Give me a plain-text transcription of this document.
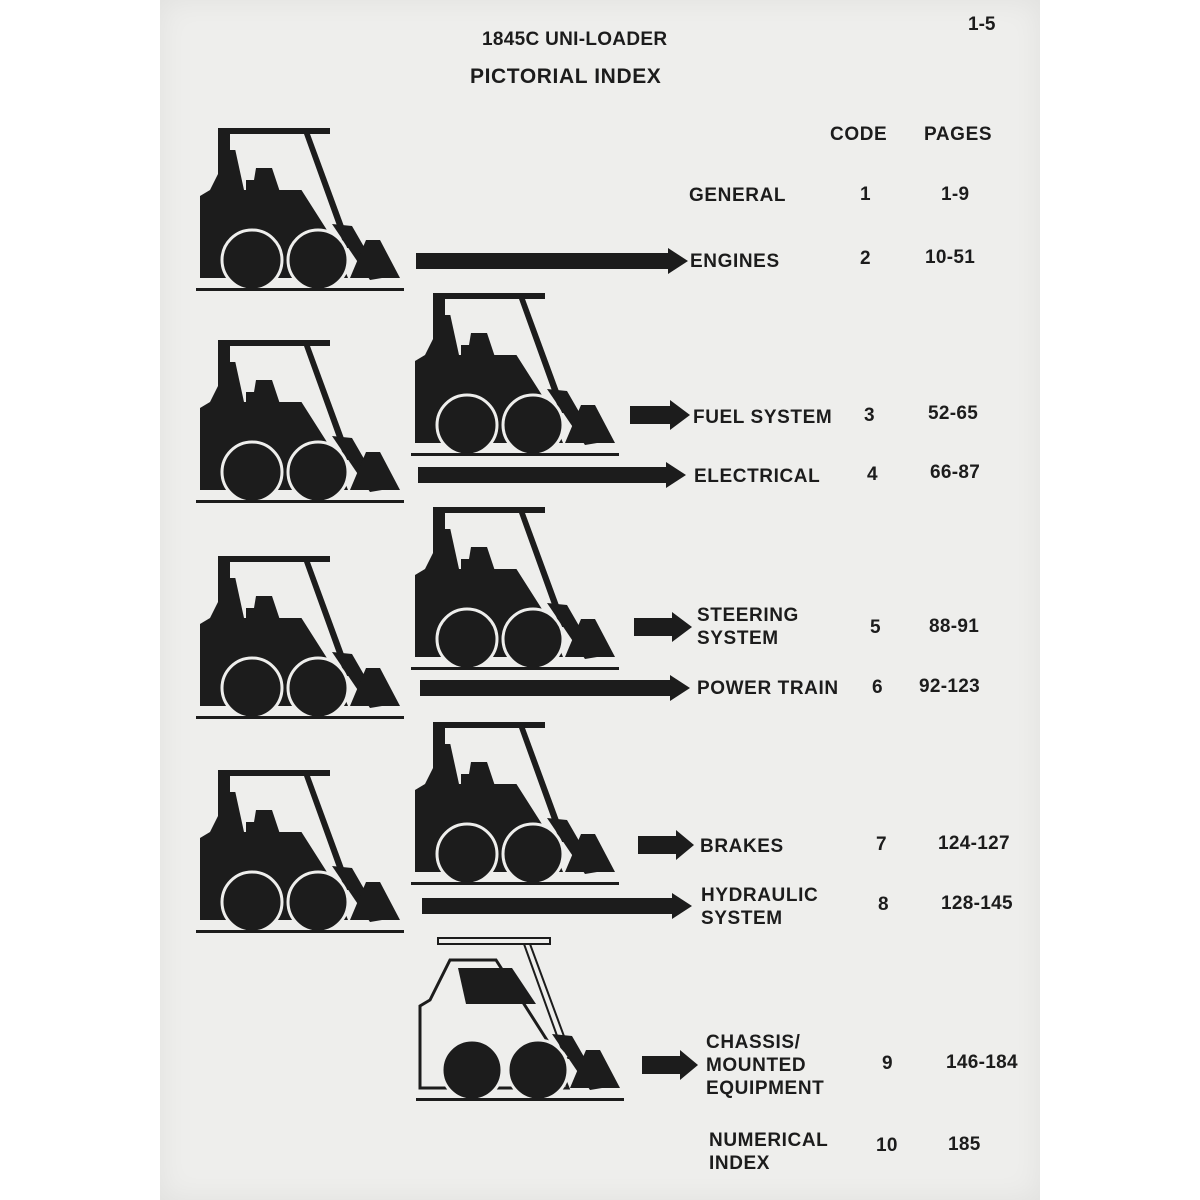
1-5
1845C UNI-LOADER
PICTORIAL INDEX
CODE PAGES
GENERAL	1	1-9
ENGINES	2	10-51
FUEL SYSTEM 3	52-65
ELECTRICAL 4	66-87
STEERING
SYSTEM
5	88-91
POWER TRAIN 6 92-123
BRAKES	7	124-127
HYDRAULIC
SYSTEM
8	128-145
CHASSIS/
MOUNTED
EQUIPMENT
9	146-184
NUMERICAL
INDEX
10	185
